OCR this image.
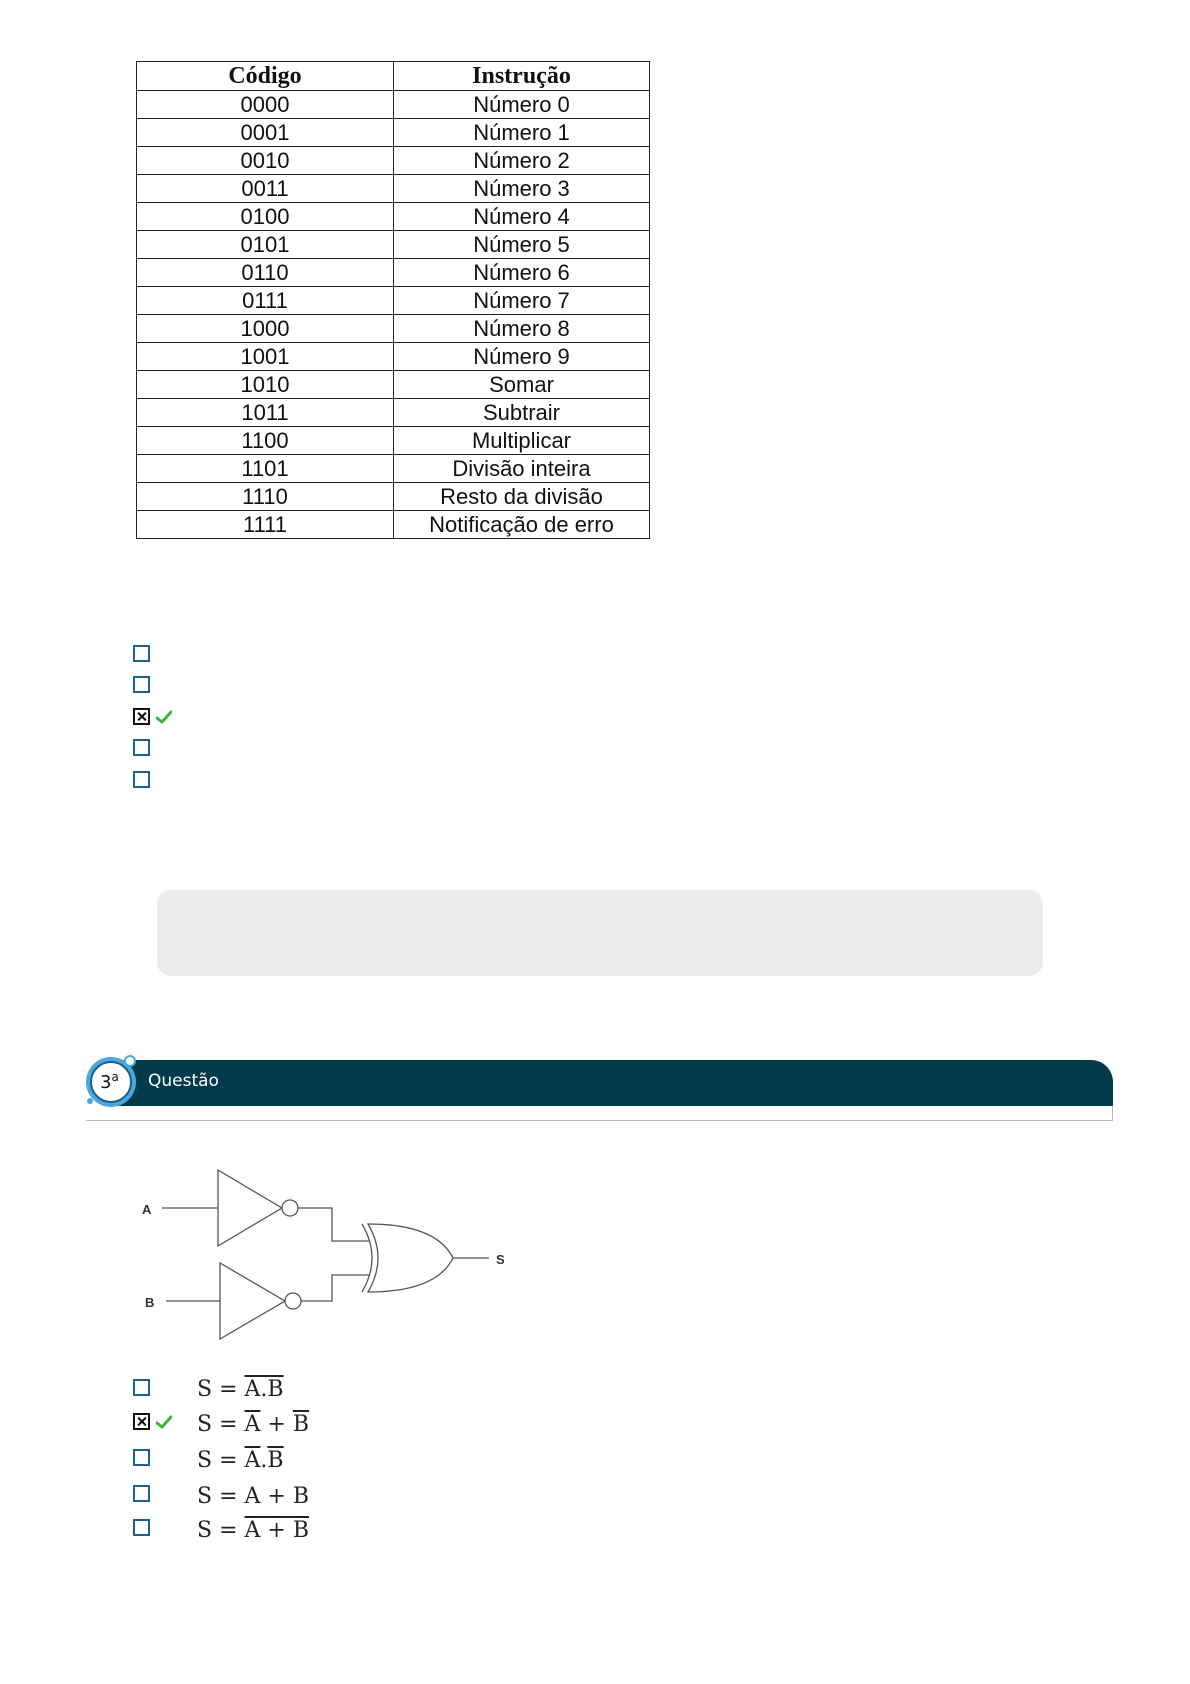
Código	Instrução
0000	Número 0
0001	Número 1
0010	Número 2
0011	Número 3
0100	Número 4
0101	Número 5
0110	Número 6
0111	Número 7
1000	Número 8
1001	Número 9
1010	Somar
1011	Subtrair
1100	Multiplicar
1101	Divisão inteira
1110	Resto da divisão
1111	Notificação de erro
3$^a$ Questão
A
B
S
S = A.B
$S = \overline{A} + \overline{B}$
$S = \overline{A}.\overline{B}$
S = A + B
S = A + B
